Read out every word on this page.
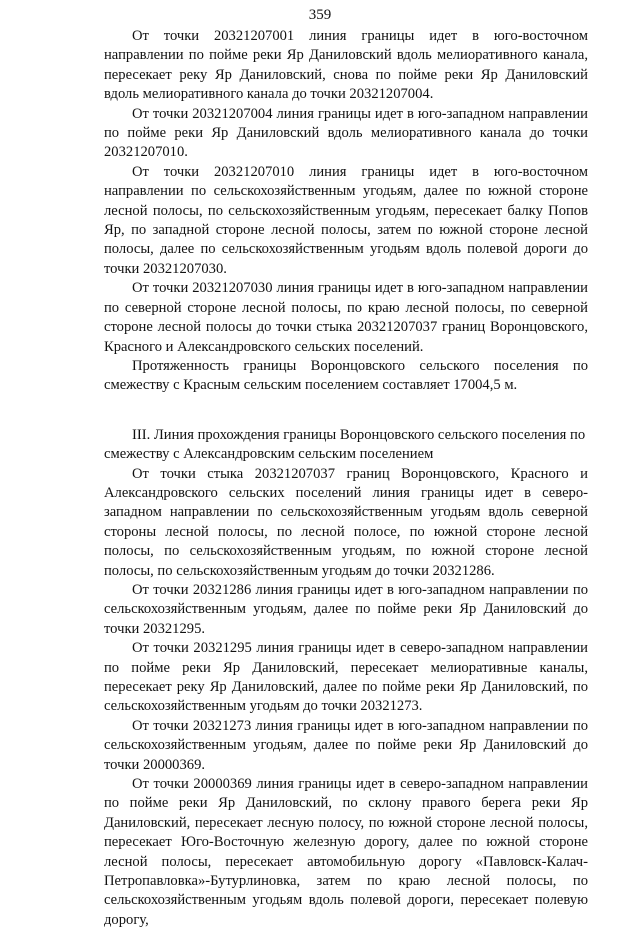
359

От точки 20321207001 линия границы идет в юго-восточном направлении по пойме реки Яр Даниловский вдоль мелиоративного канала, пересекает реку Яр Даниловский, снова по пойме реки Яр Даниловский вдоль мелиоративного канала до точки 20321207004.

От точки 20321207004 линия границы идет в юго-западном направлении по пойме реки Яр Даниловский вдоль мелиоративного канала до точки 20321207010.

От точки 20321207010 линия границы идет в юго-восточном направлении по сельскохозяйственным угодьям, далее по южной стороне лесной полосы, по сельскохозяйственным угодьям, пересекает балку Попов Яр, по западной стороне лесной полосы, затем по южной стороне лесной полосы, далее по сельскохозяйственным угодьям вдоль полевой дороги до точки 20321207030.

От точки 20321207030 линия границы идет в юго-западном направлении по северной стороне лесной полосы, по краю лесной полосы, по северной стороне лесной полосы до точки стыка 20321207037 границ Воронцовского, Красного и Александровского сельских поселений.

Протяженность границы Воронцовского сельского поселения по смежеству с Красным сельским поселением составляет 17004,5 м.

III. Линия прохождения границы Воронцовского сельского поселения по смежеству с Александровским сельским поселением

От точки стыка 20321207037 границ Воронцовского, Красного и Александровского сельских поселений линия границы идет в северо-западном направлении по сельскохозяйственным угодьям вдоль северной стороны лесной полосы, по лесной полосе, по южной стороне лесной полосы, по сельскохозяйственным угодьям, по южной стороне лесной полосы, по сельскохозяйственным угодьям до точки 20321286.

От точки 20321286 линия границы идет в юго-западном направлении по сельскохозяйственным угодьям, далее по пойме реки Яр Даниловский до точки 20321295.

От точки 20321295 линия границы идет в северо-западном направлении по пойме реки Яр Даниловский, пересекает мелиоративные каналы, пересекает реку Яр Даниловский, далее по пойме реки Яр Даниловский, по сельскохозяйственным угодьям до точки 20321273.

От точки 20321273 линия границы идет в юго-западном направлении по сельскохозяйственным угодьям, далее по пойме реки Яр Даниловский до точки 20000369.

От точки 20000369 линия границы идет в северо-западном направлении по пойме реки Яр Даниловский, по склону правого берега реки Яр Даниловский, пересекает лесную полосу, по южной стороне лесной полосы, пересекает Юго-Восточную железную дорогу, далее по южной стороне лесной полосы, пересекает автомобильную дорогу «Павловск-Калач-Петропавловка»-Бутурлиновка, затем по краю лесной полосы, по сельскохозяйственным угодьям вдоль полевой дороги, пересекает полевую дорогу,
